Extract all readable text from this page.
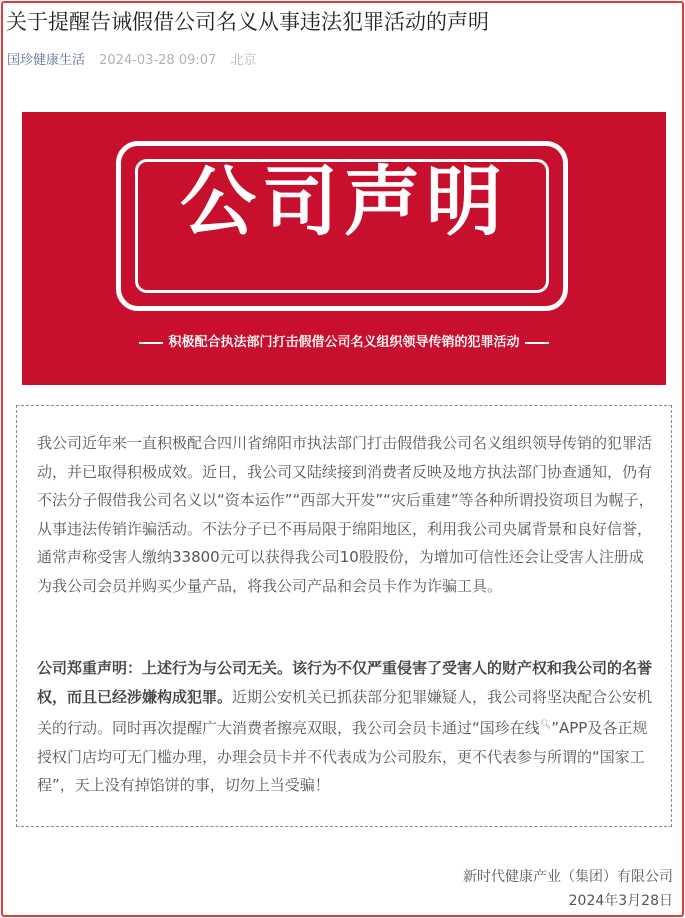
关于提醒告诫假借公司名义从事违法犯罪活动的声明
国珍健康生活 2024-03-28 09:07 北京
公司声明
积极配合执法部门打击假借公司名义组织领导传销的犯罪活动

我公司近年来一直积极配合四川省绵阳市执法部门打击假借我公司名义组织领导传销的犯罪活动，并已取得积极成效。近日，我公司又陆续接到消费者反映及地方执法部门协查通知，仍有不法分子假借我公司名义以“资本运作”“西部大开发”“灾后重建”等各种所谓投资项目为幌子，从事违法传销诈骗活动。不法分子已不再局限于绵阳地区，利用我公司央属背景和良好信誉，通常声称受害人缴纳33800元可以获得我公司10股股份，为增加可信性还会让受害人注册成为我公司会员并购买少量产品，将我公司产品和会员卡作为诈骗工具。

公司郑重声明：上述行为与公司无关。该行为不仅严重侵害了受害人的财产权和我公司的名誉权，而且已经涉嫌构成犯罪。近期公安机关已抓获部分犯罪嫌疑人，我公司将坚决配合公安机关的行动。同时再次提醒广大消费者擦亮双眼，我公司会员卡通过“国珍在线🔍︎”APP及各正规授权门店均可无门槛办理，办理会员卡并不代表成为公司股东，更不代表参与所谓的“国家工程”，天上没有掉馅饼的事，切勿上当受骗！

新时代健康产业（集团）有限公司
2024年3月28日
